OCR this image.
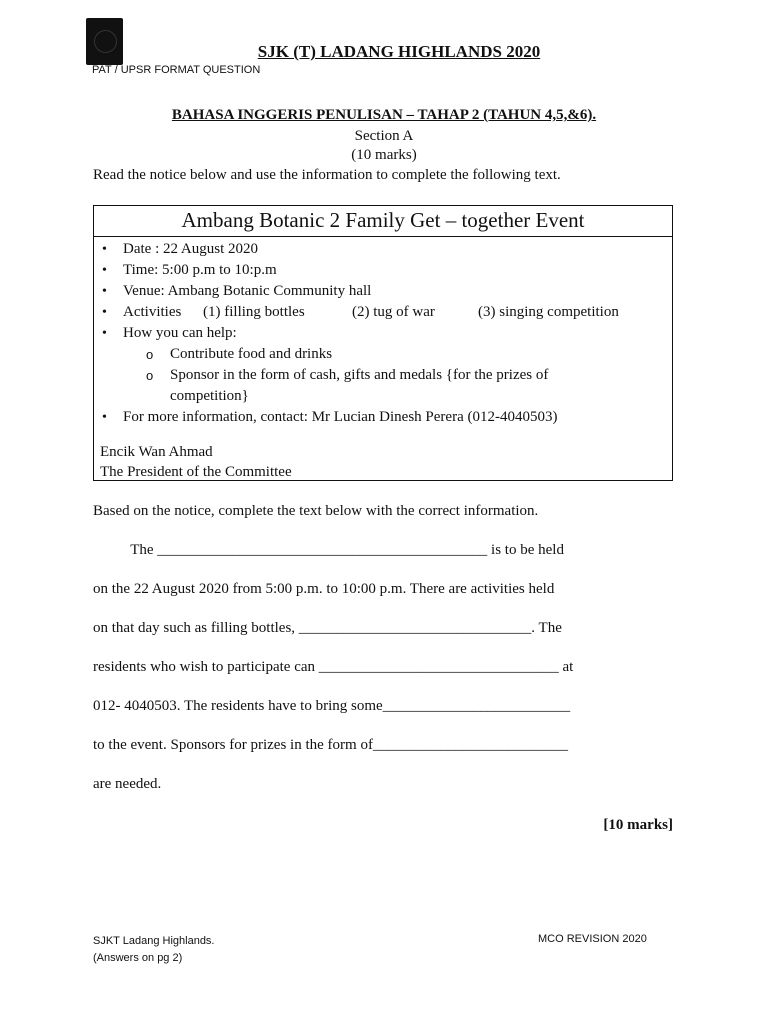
SJK (T) LADANG HIGHLANDS 2020
PAT / UPSR FORMAT QUESTION
BAHASA INGGERIS PENULISAN – TAHAP 2 (TAHUN 4,5,&6).
Section A
(10 marks)
Read the notice below and use the information to complete the following text.
Ambang Botanic 2 Family Get – together Event
• Date : 22 August 2020
• Time: 5:00 p.m to 10:p.m
• Venue: Ambang Botanic Community hall
• Activities (1) filling bottles	(2) tug of war	(3) singing competition
• How you can help:
o Contribute food and drinks
o Sponsor in the form of cash, gifts and medals {for the prizes of
competition}
• For more information, contact: Mr Lucian Dinesh Perera (012-4040503)
Encik Wan Ahmad
The President of the Committee
Based on the notice, complete the text below with the correct information.
The ____________________________________________ is to be held
on the 22 August 2020 from 5:00 p.m. to 10:00 p.m. There are activities held
on that day such as filling bottles, _______________________________. The
residents who wish to participate can ________________________________ at
012- 4040503. The residents have to bring some_________________________
to the event. Sponsors for prizes in the form of__________________________
are needed.
[10 marks]
SJKT Ladang Highlands.
(Answers on pg 2)
MCO REVISION 2020
